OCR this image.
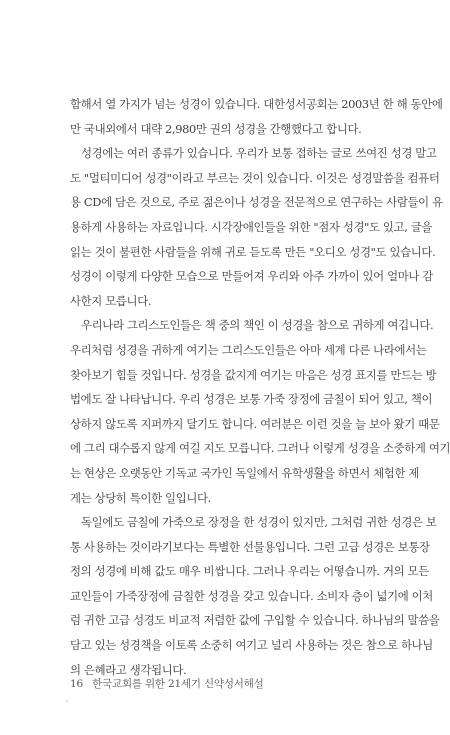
함해서 열 가지가 넘는 성경이 있습니다. 대한성서공회는 2003년 한 해 동안에

만 국내외에서 대략 2,980만 권의 성경을 간행했다고 합니다.

성경에는 여러 종류가 있습니다. 우리가 보통 접하는 글로 쓰여진 성경 말고

도 "멀티미디어 성경"이라고 부르는 것이 있습니다. 이것은 성경말씀을 컴퓨터

용 CD에 담은 것으로, 주로 젊은이나 성경을 전문적으로 연구하는 사람들이 유

용하게 사용하는 자료입니다. 시각장애인들을 위한 "점자 성경"도 있고, 글을

읽는 것이 불편한 사람들을 위해 귀로 듣도록 만든 "오디오 성경"도 있습니다.

성경이 이렇게 다양한 모습으로 만들어져 우리와 아주 가까이 있어 얼마나 감

사한지 모릅니다.

우리나라 그리스도인들은 책 중의 책인 이 성경을 참으로 귀하게 여깁니다.

우리처럼 성경을 귀하게 여기는 그리스도인들은 아마 세계 다른 나라에서는

찾아보기 힘들 것입니다. 성경을 값지게 여기는 마음은 성경 표지를 만드는 방

법에도 잘 나타납니다. 우리 성경은 보통 가죽 장정에 금칠이 되어 있고, 책이

상하지 않도록 지퍼까지 달기도 합니다. 여러분은 이런 것을 늘 보아 왔기 때문

에 그리 대수롭지 않게 여길 지도 모릅니다. 그러나 이렇게 성경을 소중하게 여기

는 현상은 오랫동안 기독교 국가인 독일에서 유학생활을 하면서 체험한 제

게는 상당히 특이한 일입니다.

독일에도 금칠에 가죽으로 장정을 한 성경이 있지만, 그처럼 귀한 성경은 보

통 사용하는 것이라기보다는 특별한 선물용입니다. 그런 고급 성경은 보통장

정의 성경에 비해 값도 매우 비쌉니다. 그러나 우리는 어떻습니까. 거의 모든

교인들이 가죽장정에 금칠한 성경을 갖고 있습니다. 소비자 층이 넓기에 이처

럼 귀한 고급 성경도 비교적 저렴한 값에 구입할 수 있습니다. 하나님의 말씀을

담고 있는 성경책을 이토록 소중히 여기고 널리 사용하는 것은 참으로 하나님

의 은혜라고 생각됩니다.

16 한국교회를 위한 21세기 신약성서해설
